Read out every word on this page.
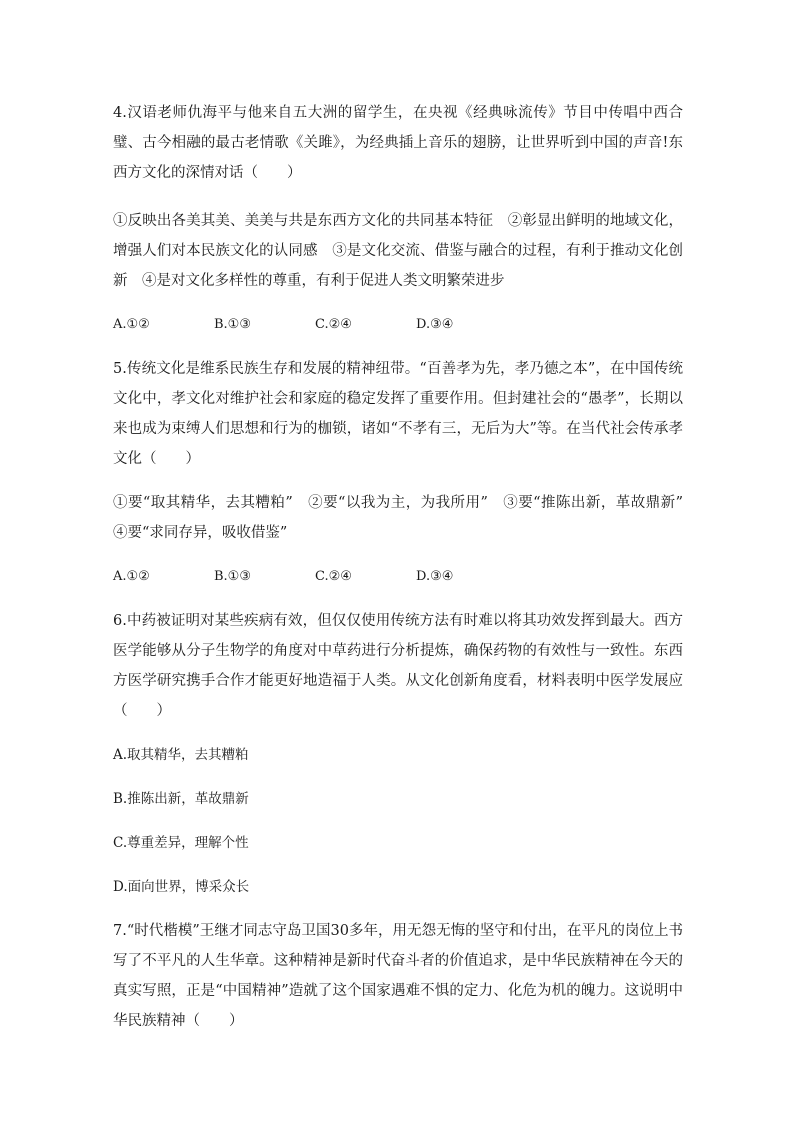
4.汉语老师仇海平与他来自五大洲的留学生，在央视《经典咏流传》节目中传唱中西合璧、古今相融的最古老情歌《关雎》，为经典插上音乐的翅膀，让世界听到中国的声音!东西方文化的深情对话（　　）

①反映出各美其美、美美与共是东西方文化的共同基本特征　②彰显出鲜明的地域文化，增强人们对本民族文化的认同感　③是文化交流、借鉴与融合的过程，有利于推动文化创新　④是对文化多样性的尊重，有利于促进人类文明繁荣进步

A.①②	B.①③	C.②④	D.③④

5.传统文化是维系民族生存和发展的精神纽带。“百善孝为先，孝乃德之本”，在中国传统文化中，孝文化对维护社会和家庭的稳定发挥了重要作用。但封建社会的“愚孝”，长期以来也成为束缚人们思想和行为的枷锁，诸如“不孝有三，无后为大”等。在当代社会传承孝文化（　　）

①要“取其精华，去其糟粕”　②要“以我为主，为我所用”　③要“推陈出新，革故鼎新”　④要“求同存异，吸收借鉴”

A.①②	B.①③	C.②④	D.③④

6.中药被证明对某些疾病有效，但仅仅使用传统方法有时难以将其功效发挥到最大。西方医学能够从分子生物学的角度对中草药进行分析提炼，确保药物的有效性与一致性。东西方医学研究携手合作才能更好地造福于人类。从文化创新角度看，材料表明中医学发展应（　　）

A.取其精华，去其糟粕
B.推陈出新，革故鼎新
C.尊重差异，理解个性
D.面向世界，博采众长

7.“时代楷模”王继才同志守岛卫国30多年，用无怨无悔的坚守和付出，在平凡的岗位上书写了不平凡的人生华章。这种精神是新时代奋斗者的价值追求，是中华民族精神在今天的真实写照，正是“中国精神”造就了这个国家遇难不惧的定力、化危为机的魄力。这说明中华民族精神（　　）
